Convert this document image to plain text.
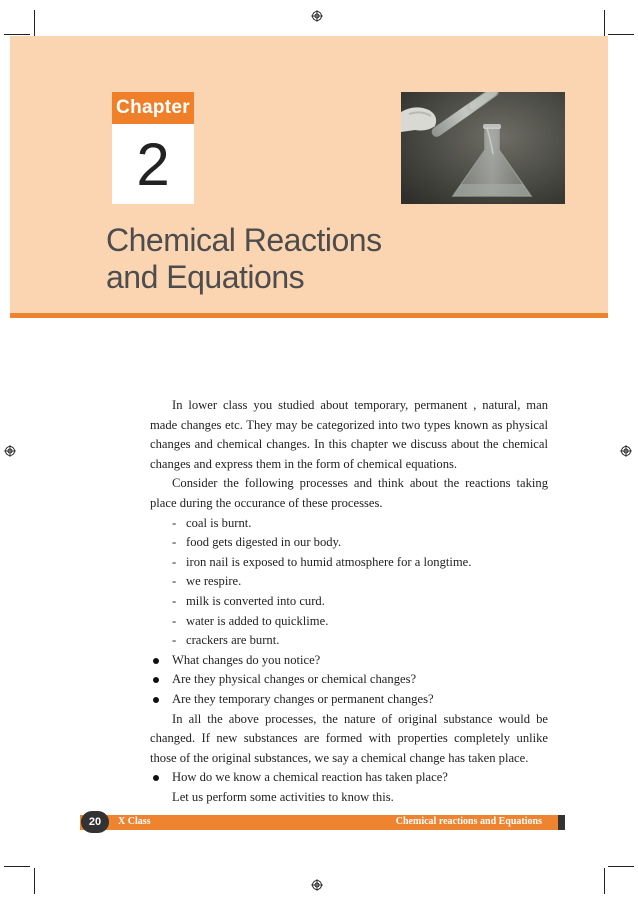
Chapter
2
Chemical Reactions
and Equations

In lower class you studied about temporary, permanent , natural, man made changes etc. They may be categorized into two types known as physical changes and chemical changes. In this chapter we discuss about the chemical changes and express them in the form of chemical equations.

Consider the following processes and think about the reactions taking place during the occurance of these processes.

- coal is burnt.
- food gets digested in our body.
- iron nail is exposed to humid atmosphere for a longtime.
- we respire.
- milk is converted into curd.
- water is added to quicklime.
- crackers are burnt.
What changes do you notice?
Are they physical changes or chemical changes?
Are they temporary changes or permanent changes?

In all the above processes, the nature of original substance would be changed. If new substances are formed with properties completely unlike those of the original substances, we say a chemical change has taken place.

How do we know a chemical reaction has taken place?

Let us perform some activities to know this.

20	X Class	Chemical reactions and Equations
